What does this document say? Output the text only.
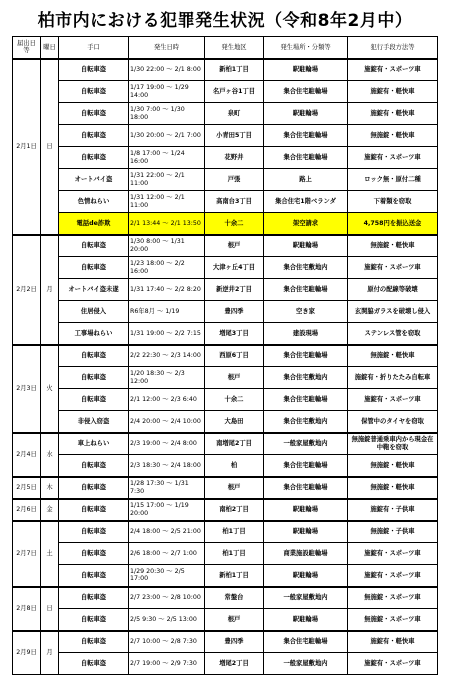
柏市内における犯罪発生状況（令和8年2月中）
届出日等	曜日	手口	発生日時	発生地区	発生場所・分類等	犯行手段方法等
2月1日	日	自転車盗	1/30 22:00 ～ 2/1 8:00	新柏1丁目	駅駐輪場	施錠有・スポーツ車
		自転車盗	1/17 19:00 ～ 1/29 14:00	名戸ヶ谷1丁目	集合住宅駐輪場	施錠有・軽快車
		自転車盗	1/30 7:00 ～ 1/30 18:00	泉町	駅駐輪場	施錠有・軽快車
		自転車盗	1/30 20:00 ～ 2/1 7:00	小青田5丁目	集合住宅駐輪場	無施錠・軽快車
		自転車盗	1/8 17:00 ～ 1/24 16:00	花野井	集合住宅駐輪場	施錠有・スポーツ車
		オートバイ盗	1/31 22:00 ～ 2/1 11:00	戸張	路上	ロック無・原付二種
		色情ねらい	1/31 12:00 ～ 2/1 11:00	高南台3丁目	集合住宅1階ベランダ	下着類を窃取
		電話de詐欺	2/1 13:44 ～ 2/1 13:50	十余二	架空請求	4,758円を振込送金
2月2日	月	自転車盗	1/30 8:00 ～ 1/31 20:00	根戸	駅駐輪場	無施錠・軽快車
		自転車盗	1/23 18:00 ～ 2/2 16:00	大津ヶ丘4丁目	集合住宅敷地内	施錠有・スポーツ車
		オートバイ盗未遂	1/31 17:40 ～ 2/2 8:20	新逆井2丁目	集合住宅駐輪場	原付の配線等破壊
		住居侵入	R6年8月 ～ 1/19	豊四季	空き家	玄関脇ガラスを破壊し侵入
		工事場ねらい	1/31 19:00 ～ 2/2 7:15	増尾3丁目	建設現場	ステンレス管を窃取
2月3日	火	自転車盗	2/2 22:30 ～ 2/3 14:00	西原6丁目	集合住宅駐輪場	無施錠・軽快車
		自転車盗	1/20 18:30 ～ 2/3 12:00	根戸	集合住宅敷地内	施錠有・折りたたみ自転車
		自転車盗	2/1 12:00 ～ 2/3 6:40	十余二	集合住宅駐輪場	施錠有・スポーツ車
		非侵入窃盗	2/4 20:00 ～ 2/4 10:00	大島田	集合住宅敷地内	保管中のタイヤを窃取
2月4日	水	車上ねらい	2/3 19:00 ～ 2/4 8:00	南増尾2丁目	一般家屋敷地内	無施錠普通乗車内から現金在中鞄を窃取
		自転車盗	2/3 18:30 ～ 2/4 18:00	柏	集合住宅駐輪場	無施錠・軽快車
2月5日	木	自転車盗	1/28 17:30 ～ 1/31 7:30	根戸	集合住宅駐輪場	無施錠・軽快車
2月6日	金	自転車盗	1/15 17:00 ～ 1/19 20:00	南柏2丁目	駅駐輪場	施錠有・子供車
2月7日	土	自転車盗	2/4 18:00 ～ 2/5 21:00	柏1丁目	駅駐輪場	無施錠・子供車
		自転車盗	2/6 18:00 ～ 2/7 1:00	柏1丁目	商業施設駐輪場	施錠有・スポーツ車
		自転車盗	1/29 20:30 ～ 2/5 17:00	新柏1丁目	駅駐輪場	施錠有・スポーツ車
2月8日	日	自転車盗	2/7 23:00 ～ 2/8 10:00	常盤台	一般家屋敷地内	無施錠・スポーツ車
		自転車盗	2/5 9:30 ～ 2/5 13:00	根戸	駅駐輪場	無施錠・スポーツ車
2月9日	月	自転車盗	2/7 10:00 ～ 2/8 7:30	豊四季	集合住宅駐輪場	施錠有・軽快車
		自転車盗	2/7 19:00 ～ 2/9 7:30	増尾2丁目	一般家屋敷地内	施錠有・スポーツ車
